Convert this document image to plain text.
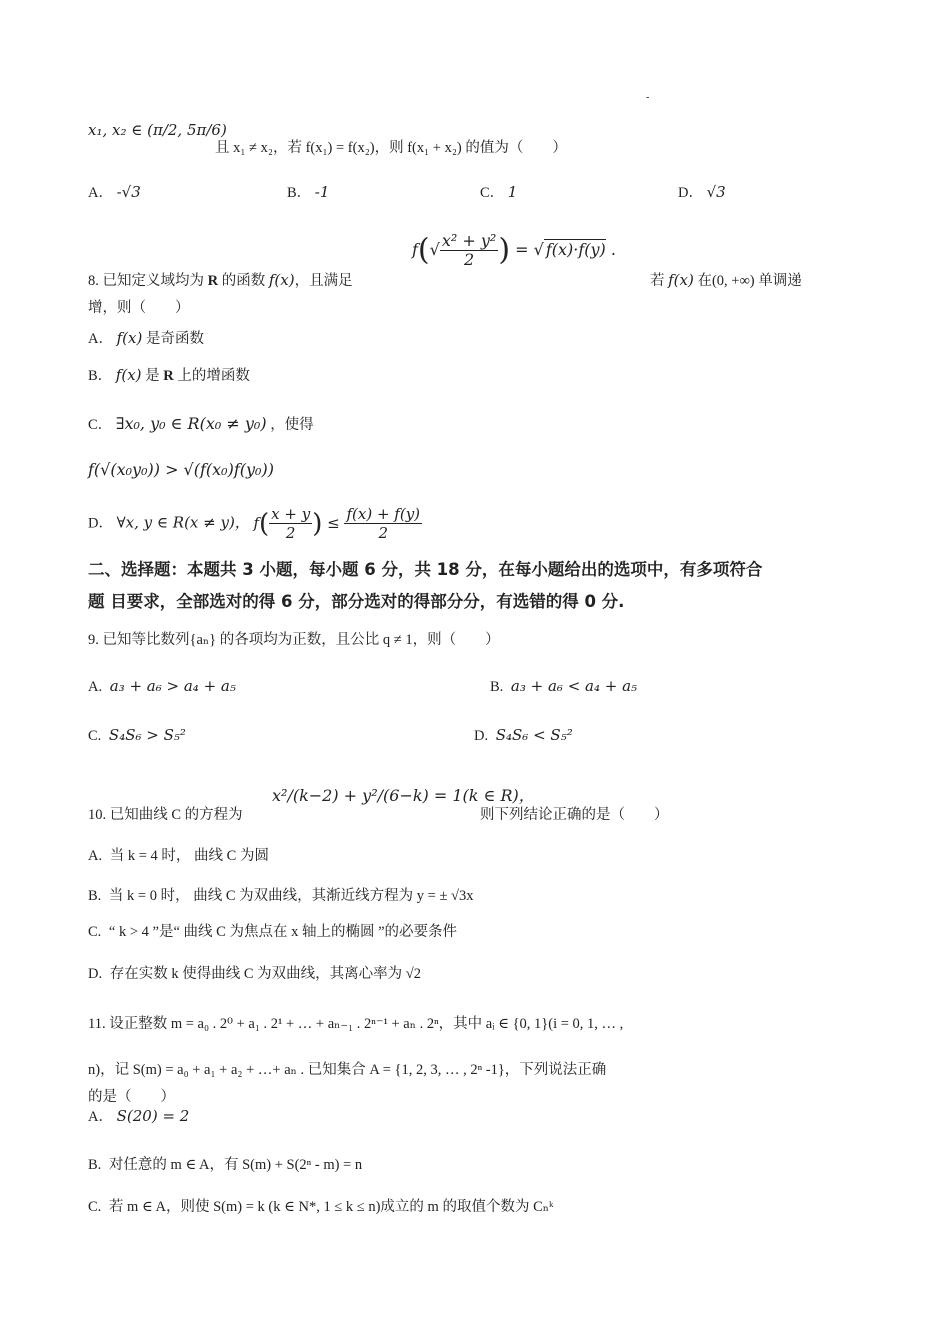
-
x₁, x₂ ∈ (π/2, 5π/6)
且 x₁ ≠ x₂，若 f(x₁) = f(x₂)，则 f(x₁ + x₂) 的值为（　　）
A． -√3	B． -1	C． 1	D． √3
$f(√ \frac{\text{x² + y²}}{2}$ ) = √ f(x)·f(y) .
8. 已知定义域均为 R 的函数 f(x)，且满足	若 f(x) 在(0, +∞) 单调递
增，则（　　）
A． f(x) 是奇函数
B． f(x) 是 R 上的增函数
C． ∃x₀, y₀ ∈ R(x₀ ≠ y₀) ，使得
f(√(x₀y₀)) > √(f(x₀)f(y₀))
D． ∀x, y ∈ R(x ≠ y)， $f( \frac{x + y}{2}$ ) ≤ $\frac{f(x) + f(y)}{2}$
二、选择题：本题共 3 小题，每小题 6 分，共 18 分，在每小题给出的选项中，有多项符合
题 目要求，全部选对的得 6 分，部分选对的得部分分，有选错的得 0 分.
9. 已知等比数列{aₙ} 的各项均为正数，且公比 q ≠ 1，则（　　）
A. a₃ + a₆ > a₄ + a₅	B. a₃ + a₆ < a₄ + a₅
C. S₄S₆ > S₅²	D. S₄S₆ < S₅²
10. 已知曲线 C 的方程为
x²/(k−2) + y²/(6−k) = 1(k ∈ R)，
则下列结论正确的是（　　）
A. 当 k = 4 时， 曲线 C 为圆
B. 当 k = 0 时， 曲线 C 为双曲线，其渐近线方程为 y = ± √3x
C. “ k > 4 ”是“ 曲线 C 为焦点在 x 轴上的椭圆 ”的必要条件
D. 存在实数 k 使得曲线 C 为双曲线，其离心率为 √2
11. 设正整数 m = a₀ . 2⁰ + a₁ . 2¹ + … + aₙ₋₁ . 2ⁿ⁻¹ + aₙ . 2ⁿ，其中 aᵢ ∈ {0, 1}(i = 0, 1, … ,
n)，记 S(m) = a₀ + a₁ + a₂ + …+ aₙ . 已知集合 A = {1, 2, 3, … , 2ⁿ -1}，下列说法正确
的是（　　）
A． S(20) = 2
B. 对任意的 m ∈ A，有 S(m) + S(2ⁿ - m) = n
C. 若 m ∈ A，则使 S(m) = k (k ∈ N*, 1 ≤ k ≤ n)成立的 m 的取值个数为 Cₙᵏ
